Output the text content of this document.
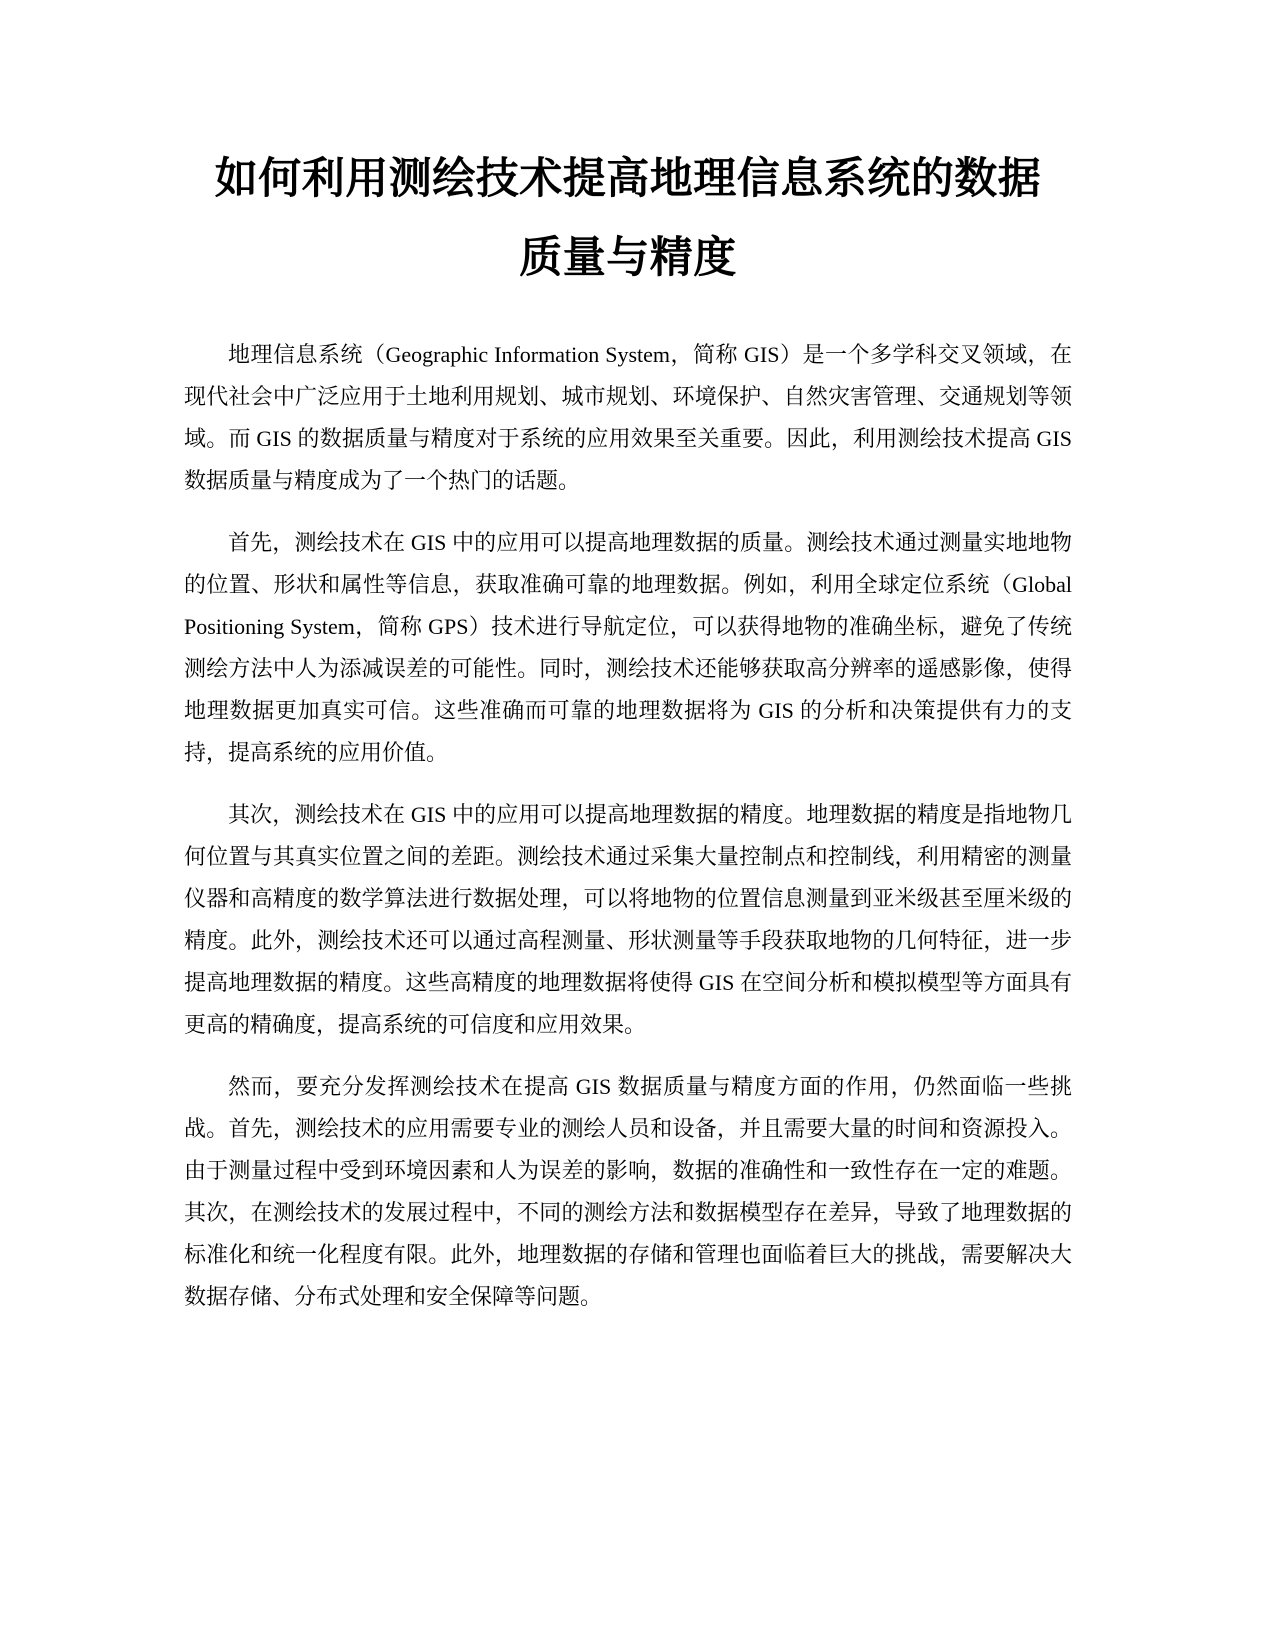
如何利用测绘技术提高地理信息系统的数据
质量与精度

地理信息系统（Geographic Information System，简称 GIS）是一个多学科交叉领域，在现代社会中广泛应用于土地利用规划、城市规划、环境保护、自然灾害管理、交通规划等领域。而 GIS 的数据质量与精度对于系统的应用效果至关重要。因此，利用测绘技术提高 GIS 数据质量与精度成为了一个热门的话题。

首先，测绘技术在 GIS 中的应用可以提高地理数据的质量。测绘技术通过测量实地地物的位置、形状和属性等信息，获取准确可靠的地理数据。例如，利用全球定位系统（Global Positioning System，简称 GPS）技术进行导航定位，可以获得地物的准确坐标，避免了传统测绘方法中人为添减误差的可能性。同时，测绘技术还能够获取高分辨率的遥感影像，使得地理数据更加真实可信。这些准确而可靠的地理数据将为 GIS 的分析和决策提供有力的支持，提高系统的应用价值。

其次，测绘技术在 GIS 中的应用可以提高地理数据的精度。地理数据的精度是指地物几何位置与其真实位置之间的差距。测绘技术通过采集大量控制点和控制线，利用精密的测量仪器和高精度的数学算法进行数据处理，可以将地物的位置信息测量到亚米级甚至厘米级的精度。此外，测绘技术还可以通过高程测量、形状测量等手段获取地物的几何特征，进一步提高地理数据的精度。这些高精度的地理数据将使得 GIS 在空间分析和模拟模型等方面具有更高的精确度，提高系统的可信度和应用效果。

然而，要充分发挥测绘技术在提高 GIS 数据质量与精度方面的作用，仍然面临一些挑战。首先，测绘技术的应用需要专业的测绘人员和设备，并且需要大量的时间和资源投入。由于测量过程中受到环境因素和人为误差的影响，数据的准确性和一致性存在一定的难题。其次，在测绘技术的发展过程中，不同的测绘方法和数据模型存在差异，导致了地理数据的标准化和统一化程度有限。此外，地理数据的存储和管理也面临着巨大的挑战，需要解决大数据存储、分布式处理和安全保障等问题。
